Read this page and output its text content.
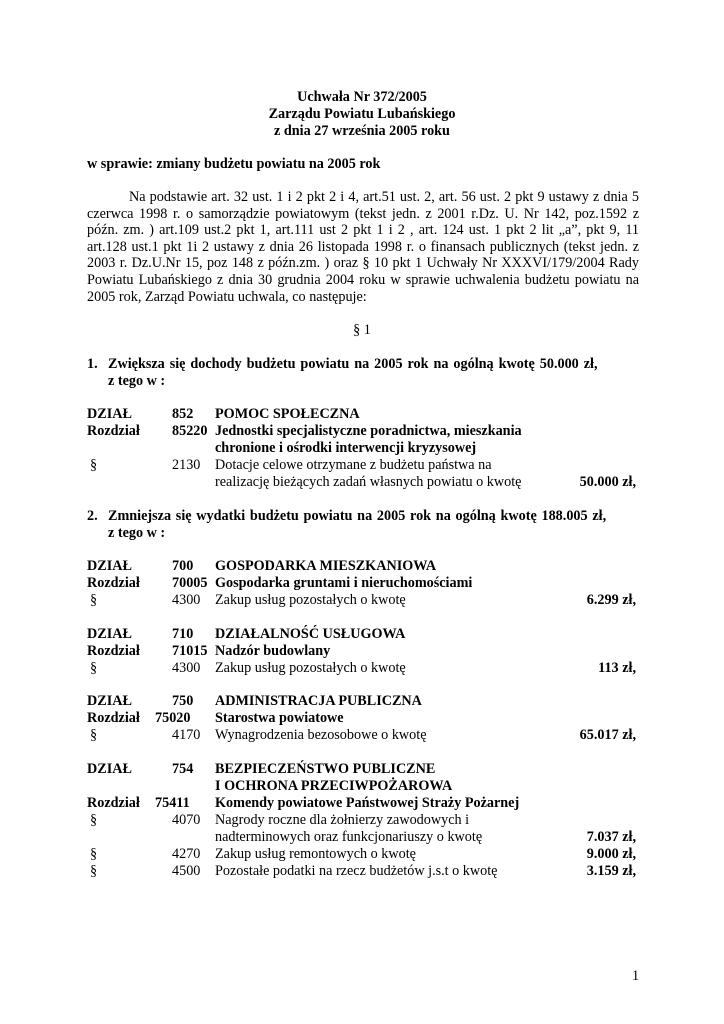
Uchwała Nr 372/2005
Zarządu Powiatu Lubańskiego
z dnia 27 września 2005 roku
w sprawie: zmiany budżetu powiatu na 2005 rok
Na podstawie art. 32 ust. 1 i 2 pkt 2 i 4, art.51 ust. 2, art. 56 ust. 2 pkt 9 ustawy z dnia 5 czerwca 1998 r. o samorządzie powiatowym (tekst jedn. z 2001 r.Dz. U. Nr 142, poz.1592 z późn. zm. ) art.109 ust.2 pkt 1, art.111 ust 2 pkt 1 i 2 , art. 124 ust. 1 pkt 2 lit „a”, pkt 9, 11 art.128 ust.1 pkt 1i 2 ustawy z dnia 26 listopada 1998 r. o finansach publicznych (tekst jedn. z 2003 r. Dz.U.Nr 15, poz 148 z późn.zm. ) oraz § 10 pkt 1 Uchwały Nr XXXVI/179/2004 Rady Powiatu Lubańskiego z dnia 30 grudnia 2004 roku w sprawie uchwalenia budżetu powiatu na 2005 rok, Zarząd Powiatu uchwala, co następuje:
§ 1
1. Zwiększa się dochody budżetu powiatu na 2005 rok na ogólną kwotę 50.000 zł,
z tego w :
DZIAŁ	852 POMOC SPOŁECZNA
Rozdział 85220 Jednostki specjalistyczne poradnictwa, mieszkania
chronione i ośrodki interwencji kryzysowej
§	2130 Dotacje celowe otrzymane z budżetu państwa na
realizację bieżących zadań własnych powiatu o kwotę	50.000 zł,
2. Zmniejsza się wydatki budżetu powiatu na 2005 rok na ogólną kwotę 188.005 zł,
z tego w :
DZIAŁ	700 GOSPODARKA MIESZKANIOWA
Rozdział 70005 Gospodarka gruntami i nieruchomościami
§	4300 Zakup usług pozostałych o kwotę	6.299 zł,
DZIAŁ	710 DZIAŁALNOŚĆ USŁUGOWA
Rozdział 71015 Nadzór budowlany
§	4300 Zakup usług pozostałych o kwotę	113 zł,
DZIAŁ	750 ADMINISTRACJA PUBLICZNA
Rozdział 75020 Starostwa powiatowe
§	4170 Wynagrodzenia bezosobowe o kwotę	65.017 zł,
DZIAŁ	754 BEZPIECZEŃSTWO PUBLICZNE
I OCHRONA PRZECIWPOŻAROWA
Rozdział 75411 Komendy powiatowe Państwowej Straży Pożarnej
§	4070 Nagrody roczne dla żołnierzy zawodowych i
nadterminowych oraz funkcjonariuszy o kwotę	7.037 zł,
§	4270 Zakup usług remontowych o kwotę	9.000 zł,
§	4500 Pozostałe podatki na rzecz budżetów j.s.t o kwotę	3.159 zł,
1
